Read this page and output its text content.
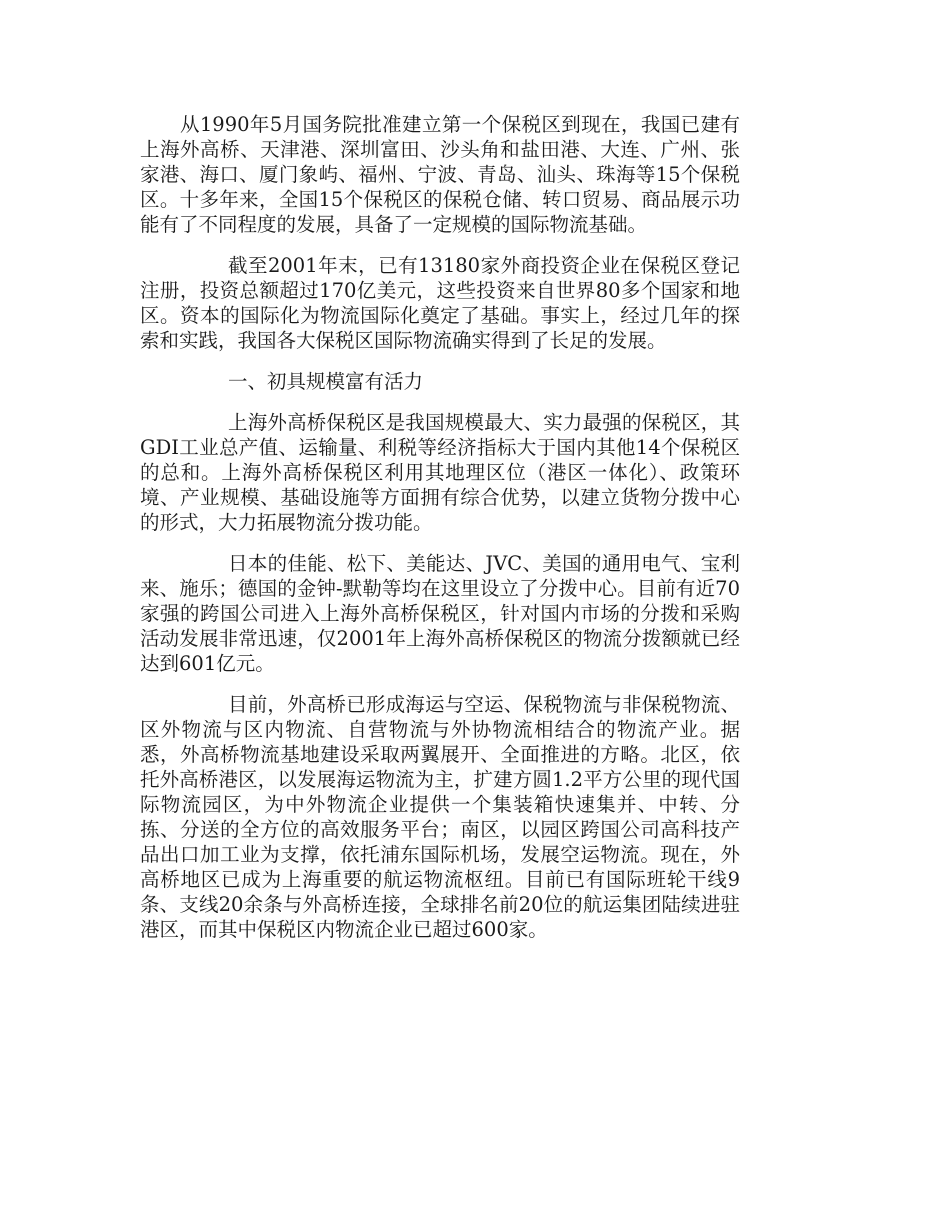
从1990年5月国务院批准建立第一个保税区到现在，我国已建有上海外高桥、天津港、深圳富田、沙头角和盐田港、大连、广州、张家港、海口、厦门象屿、福州、宁波、青岛、汕头、珠海等15个保税区。十多年来，全国15个保税区的保税仓储、转口贸易、商品展示功能有了不同程度的发展，具备了一定规模的国际物流基础。

截至2001年末，已有13180家外商投资企业在保税区登记注册，投资总额超过170亿美元，这些投资来自世界80多个国家和地区。资本的国际化为物流国际化奠定了基础。事实上，经过几年的探索和实践，我国各大保税区国际物流确实得到了长足的发展。

一、初具规模富有活力

上海外高桥保税区是我国规模最大、实力最强的保税区，其GDI工业总产值、运输量、利税等经济指标大于国内其他14个保税区的总和。上海外高桥保税区利用其地理区位（港区一体化）、政策环境、产业规模、基础设施等方面拥有综合优势，以建立货物分拨中心的形式，大力拓展物流分拨功能。

日本的佳能、松下、美能达、JVC、美国的通用电气、宝利来、施乐；德国的金钟-默勒等均在这里设立了分拨中心。目前有近70家强的跨国公司进入上海外高桥保税区，针对国内市场的分拨和采购活动发展非常迅速，仅2001年上海外高桥保税区的物流分拨额就已经达到601亿元。

目前，外高桥已形成海运与空运、保税物流与非保税物流、区外物流与区内物流、自营物流与外协物流相结合的物流产业。据悉，外高桥物流基地建设采取两翼展开、全面推进的方略。北区，依托外高桥港区，以发展海运物流为主，扩建方圆1.2平方公里的现代国际物流园区，为中外物流企业提供一个集装箱快速集并、中转、分拣、分送的全方位的高效服务平台；南区，以园区跨国公司高科技产品出口加工业为支撑，依托浦东国际机场，发展空运物流。现在，外高桥地区已成为上海重要的航运物流枢纽。目前已有国际班轮干线9条、支线20余条与外高桥连接，全球排名前20位的航运集团陆续进驻港区，而其中保税区内物流企业已超过600家。
